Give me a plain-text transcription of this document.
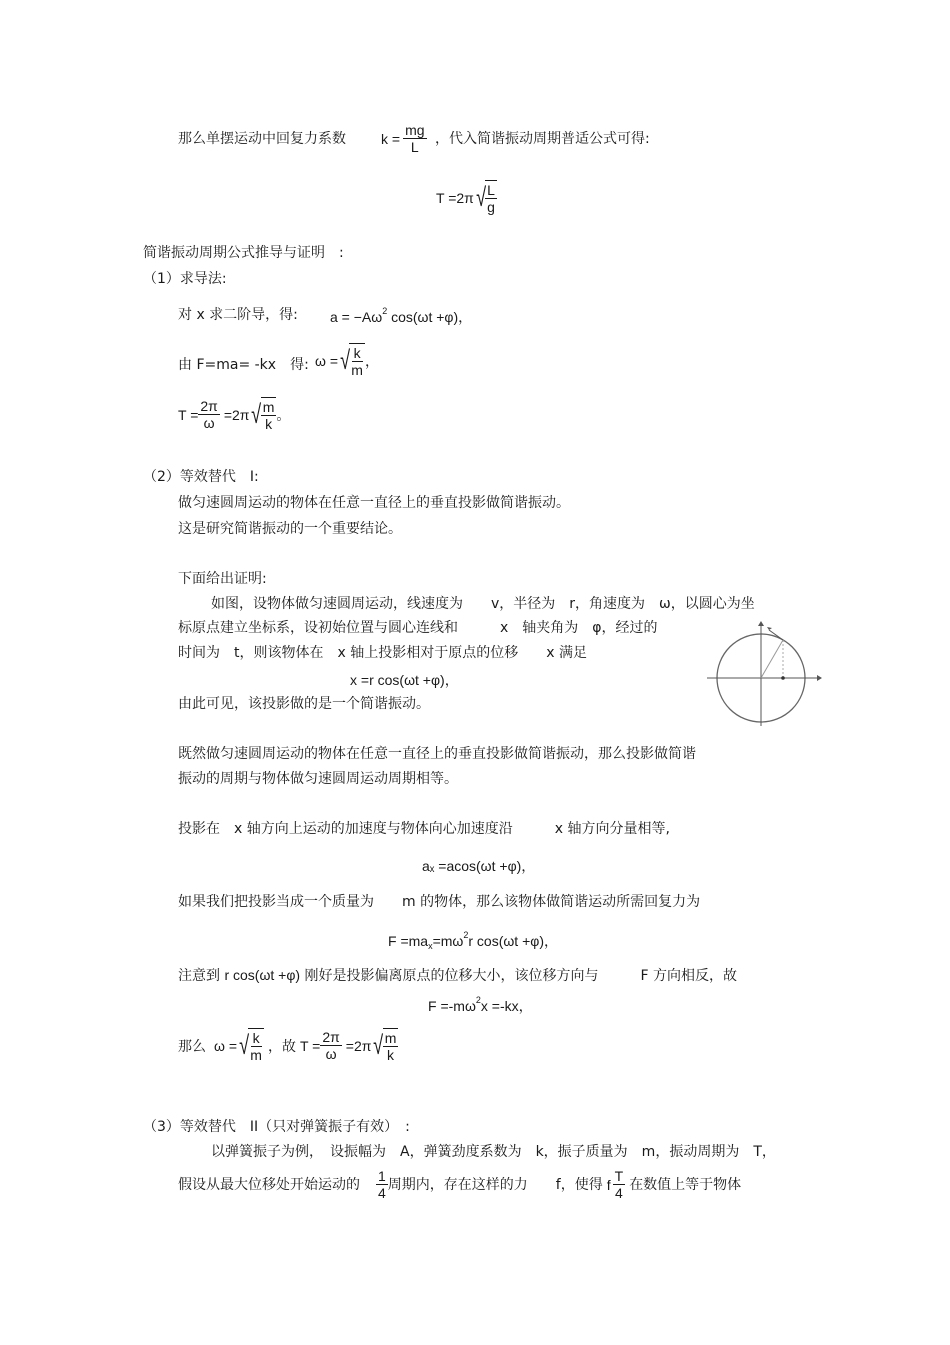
那么单摆运动中回复力系数	$k = \frac{mg}{L}$ ，代入简谐振动周期普适公式可得:
T =2π √ $\frac{L}{g}$
简谐振动周期公式推导与证明　:
（1）求导法:
对 x 求二阶导，得: $a = -A\omega^2$ cos(ωt +φ)，
由 F=ma= -kx　得: ω = √ $\frac{k}{m}$ ，
$T = \frac{2\pi}{\omega} =2\pi$ √ $\frac{m}{k}$ 。
（2）等效替代　I:
做匀速圆周运动的物体在任意一直径上的垂直投影做简谐振动。
这是研究简谐振动的一个重要结论。
下面给出证明:
如图，设物体做匀速圆周运动，线速度为　　v，半径为　r，角速度为　ω，以圆心为坐
标原点建立坐标系，设初始位置与圆心连线和　　　x　轴夹角为　φ，经过的
时间为　t，则该物体在　x 轴上投影相对于原点的位移　　x 满足
x =r cos(ωt +φ)，
由此可见，该投影做的是一个简谐振动。
既然做匀速圆周运动的物体在任意一直径上的垂直投影做简谐振动，那么投影做简谐
振动的周期与物体做匀速圆周运动周期相等。
投影在　x 轴方向上运动的加速度与物体向心加速度沿　　　x 轴方向分量相等,
aₓ =acos(ωt +φ)，
如果我们把投影当成一个质量为　　m 的物体，那么该物体做简谐运动所需回复力为
$F =ma_x=m\omega^2r$ cos(ωt +φ)，
注意到 r cos(ωt +φ) 刚好是投影偏离原点的位移大小，该位移方向与　　　F 方向相反，故
$F =-m\omega^2x =-kx$，
那么 ω = √ $\frac{k}{m}$ ，故 $T = \frac{2\pi}{\omega} =2\pi$ √ $\frac{m}{k}$
（3）等效替代　II（只对弹簧振子有效）　:
以弹簧振子为例，　设振幅为　A，弹簧劲度系数为　k，振子质量为　m，振动周期为　T，
假设从最大位移处开始运动的 $\frac{1}{4}$ 周期内，存在这样的力　　f，使得 f $\frac{T}{4}$ 在数值上等于物体
